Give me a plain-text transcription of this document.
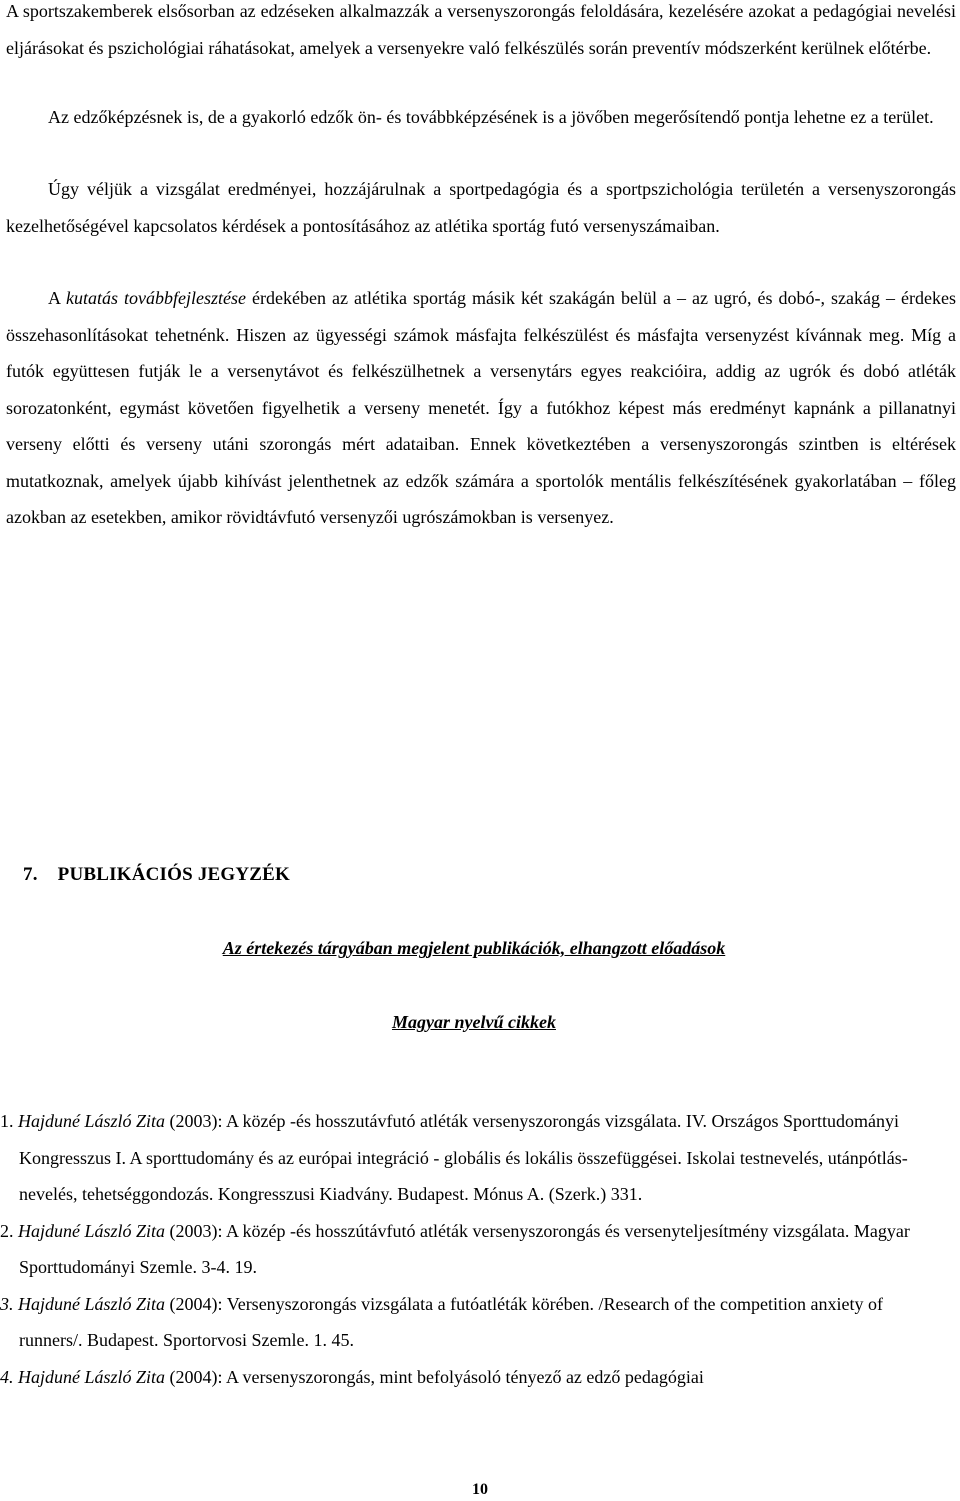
A sportszakemberek elsősorban az edzéseken alkalmazzák a versenyszorongás feloldására, kezelésére azokat a pedagógiai nevelési eljárásokat és pszichológiai ráhatásokat, amelyek a versenyekre való felkészülés során preventív módszerként kerülnek előtérbe.

Az edzőképzésnek is, de a gyakorló edzők ön- és továbbképzésének is a jövőben megerősítendő pontja lehetne ez a terület.

Úgy véljük a vizsgálat eredményei, hozzájárulnak a sportpedagógia és a sportpszichológia területén a versenyszorongás kezelhetőségével kapcsolatos kérdések a pontosításához az atlétika sportág futó versenyszámaiban.

A kutatás továbbfejlesztése érdekében az atlétika sportág másik két szakágán belül a – az ugró, és dobó-, szakág – érdekes összehasonlításokat tehetnénk. Hiszen az ügyességi számok másfajta felkészülést és másfajta versenyzést kívánnak meg. Míg a futók együttesen futják le a versenytávot és felkészülhetnek a versenytárs egyes reakcióira, addig az ugrók és dobó atléták sorozatonként, egymást követően figyelhetik a verseny menetét. Így a futókhoz képest más eredményt kapnánk a pillanatnyi verseny előtti és verseny utáni szorongás mért adataiban. Ennek következtében a versenyszorongás szintben is eltérések mutatkoznak, amelyek újabb kihívást jelenthetnek az edzők számára a sportolók mentális felkészítésének gyakorlatában – főleg azokban az esetekben, amikor rövidtávfutó versenyzői ugrószámokban is versenyez.

7. PUBLIKÁCIÓS JEGYZÉK
Az értekezés tárgyában megjelent publikációk, elhangzott előadások
Magyar nyelvű cikkek

1. Hajduné László Zita (2003): A közép -és hosszutávfutó atléták versenyszorongás vizsgálata. IV. Országos Sporttudományi Kongresszus I. A sporttudomány és az európai integráció - globális és lokális összefüggései. Iskolai testnevelés, utánpótlás- nevelés, tehetséggondozás. Kongresszusi Kiadvány. Budapest. Mónus A. (Szerk.) 331.

2. Hajduné László Zita (2003): A közép -és hosszútávfutó atléták versenyszorongás és versenyteljesítmény vizsgálata. Magyar Sporttudományi Szemle. 3-4. 19.

3. Hajduné László Zita (2004): Versenyszorongás vizsgálata a futóatléták körében. /Research of the competition anxiety of runners/. Budapest. Sportorvosi Szemle. 1. 45.

4. Hajduné László Zita (2004): A versenyszorongás, mint befolyásoló tényező az edző pedagógiai

10
